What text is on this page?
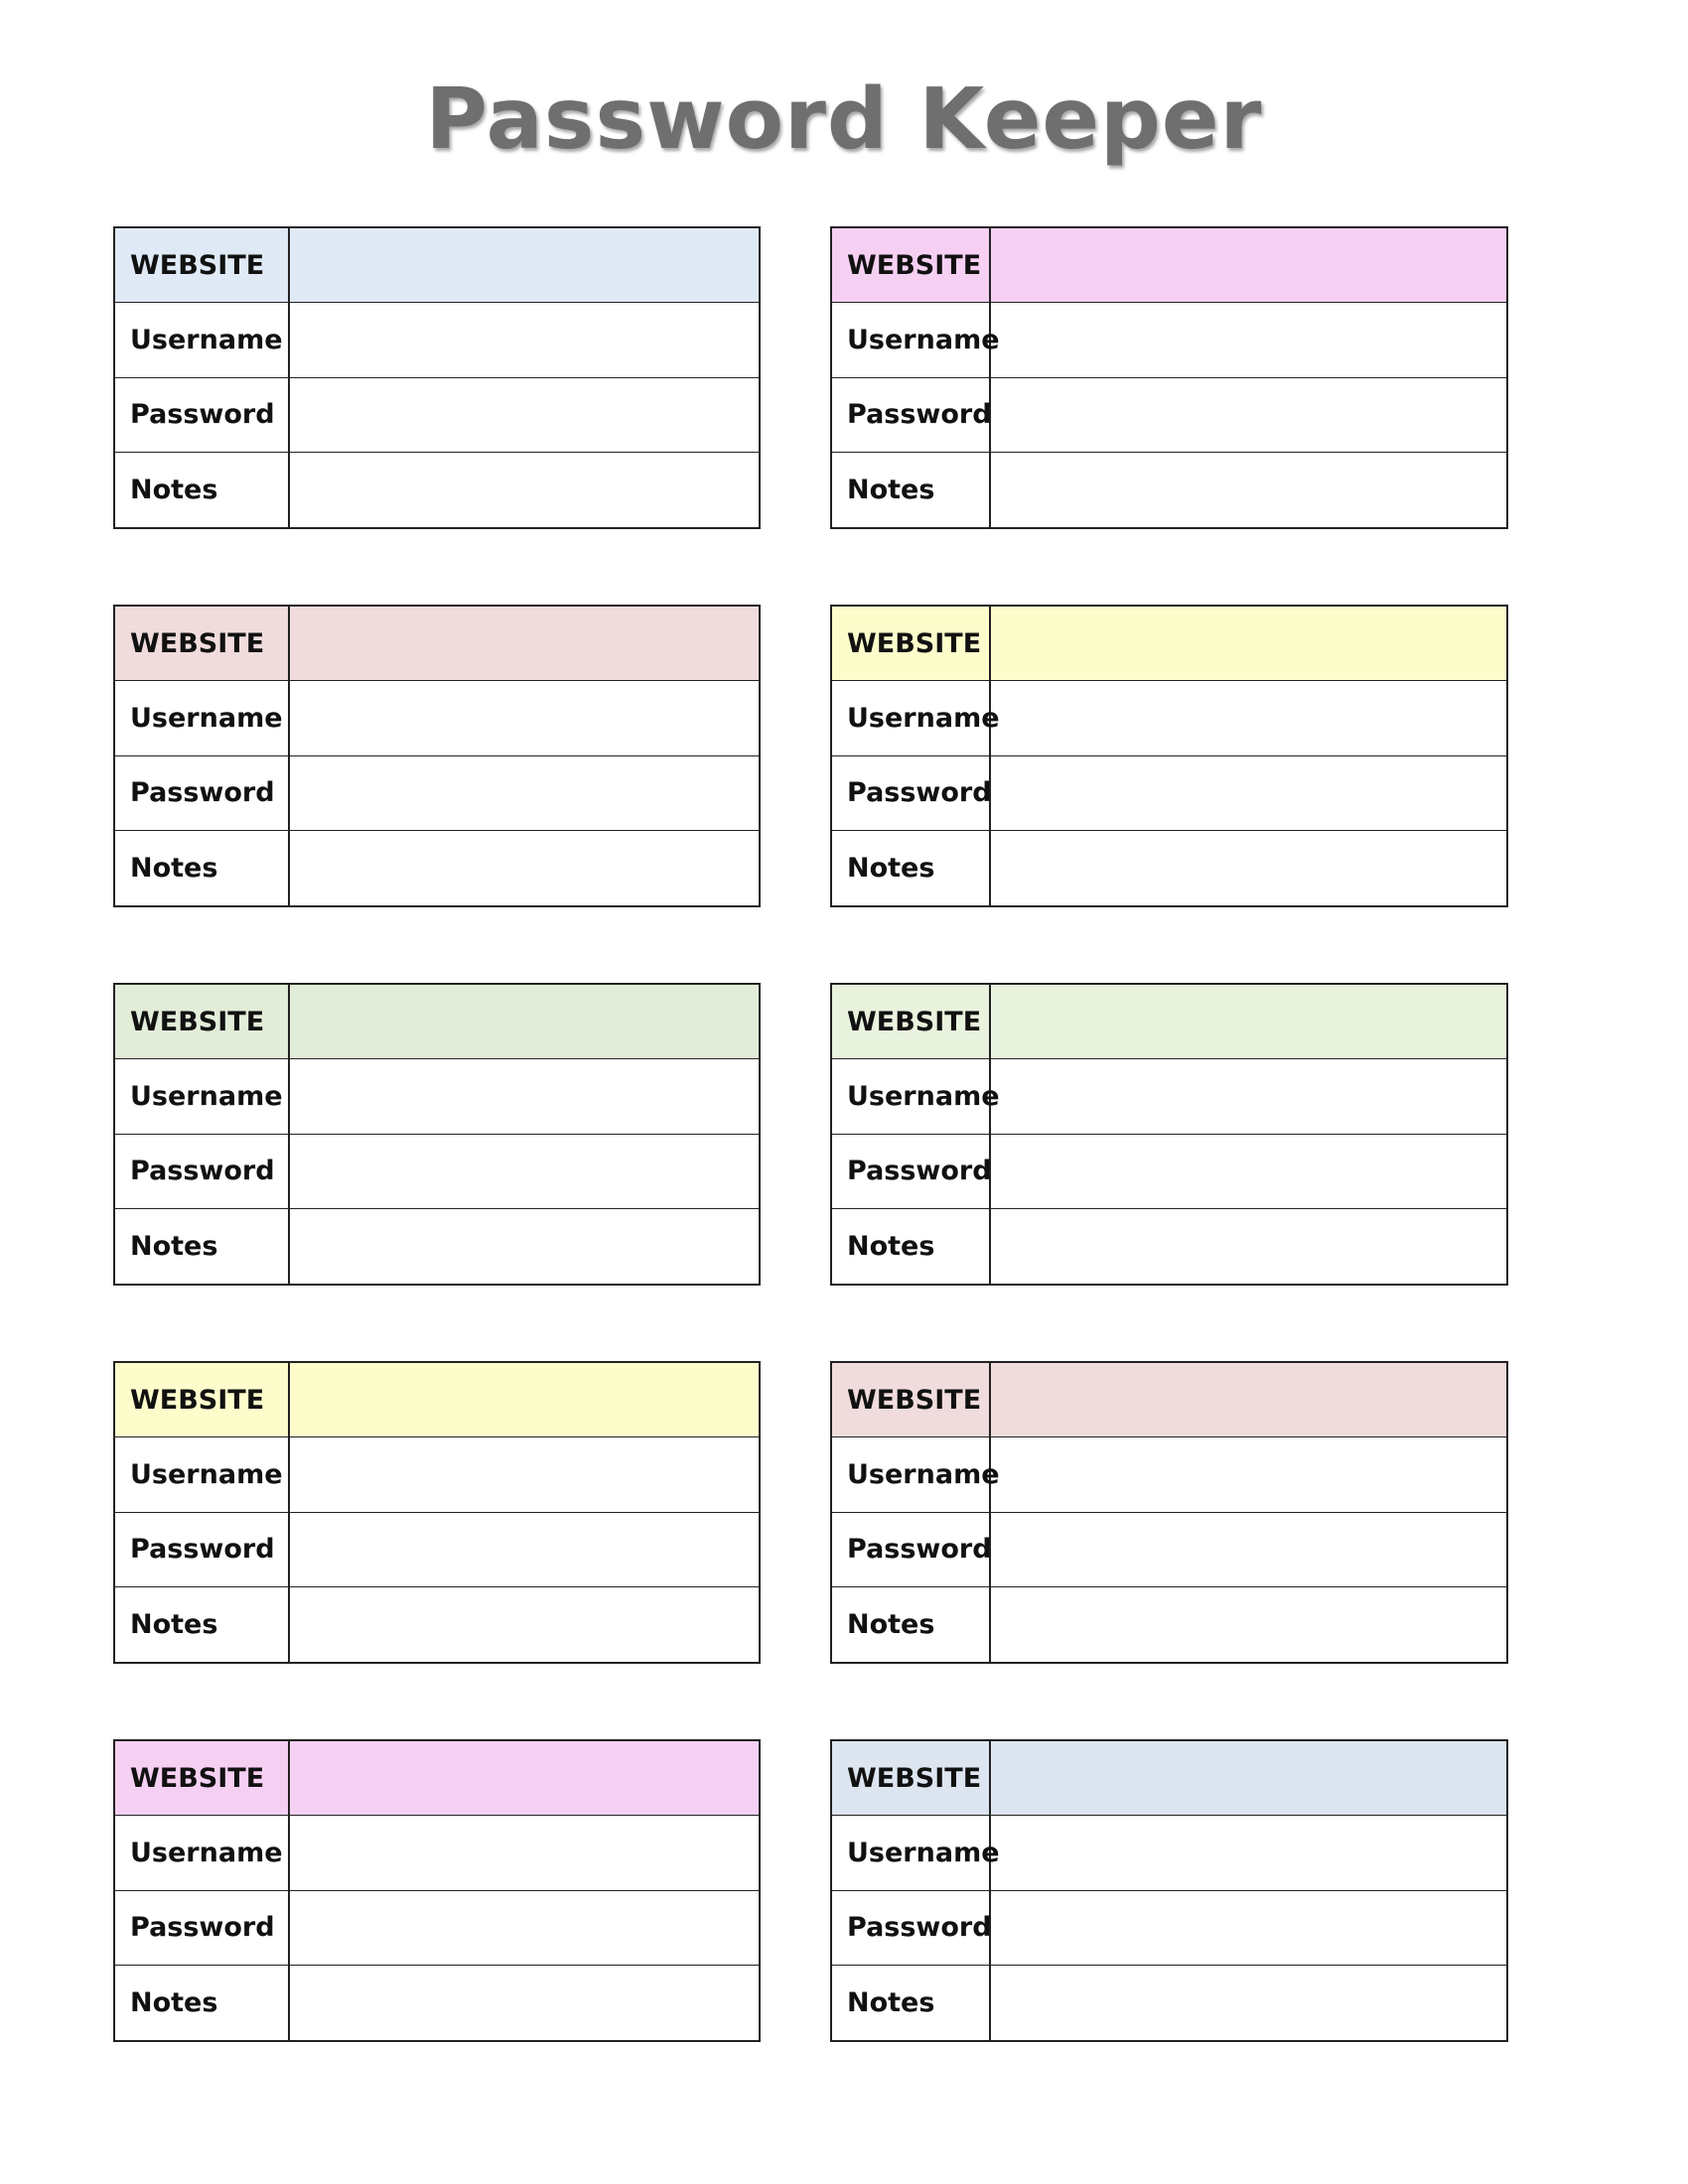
Password Keeper
WEBSITE
Username
Password
Notes
WEBSITE
Username
Password
Notes
WEBSITE
Username
Password
Notes
WEBSITE
Username
Password
Notes
WEBSITE
Username
Password
Notes
WEBSITE
Username
Password
Notes
WEBSITE
Username
Password
Notes
WEBSITE
Username
Password
Notes
WEBSITE
Username
Password
Notes
WEBSITE
Username
Password
Notes
